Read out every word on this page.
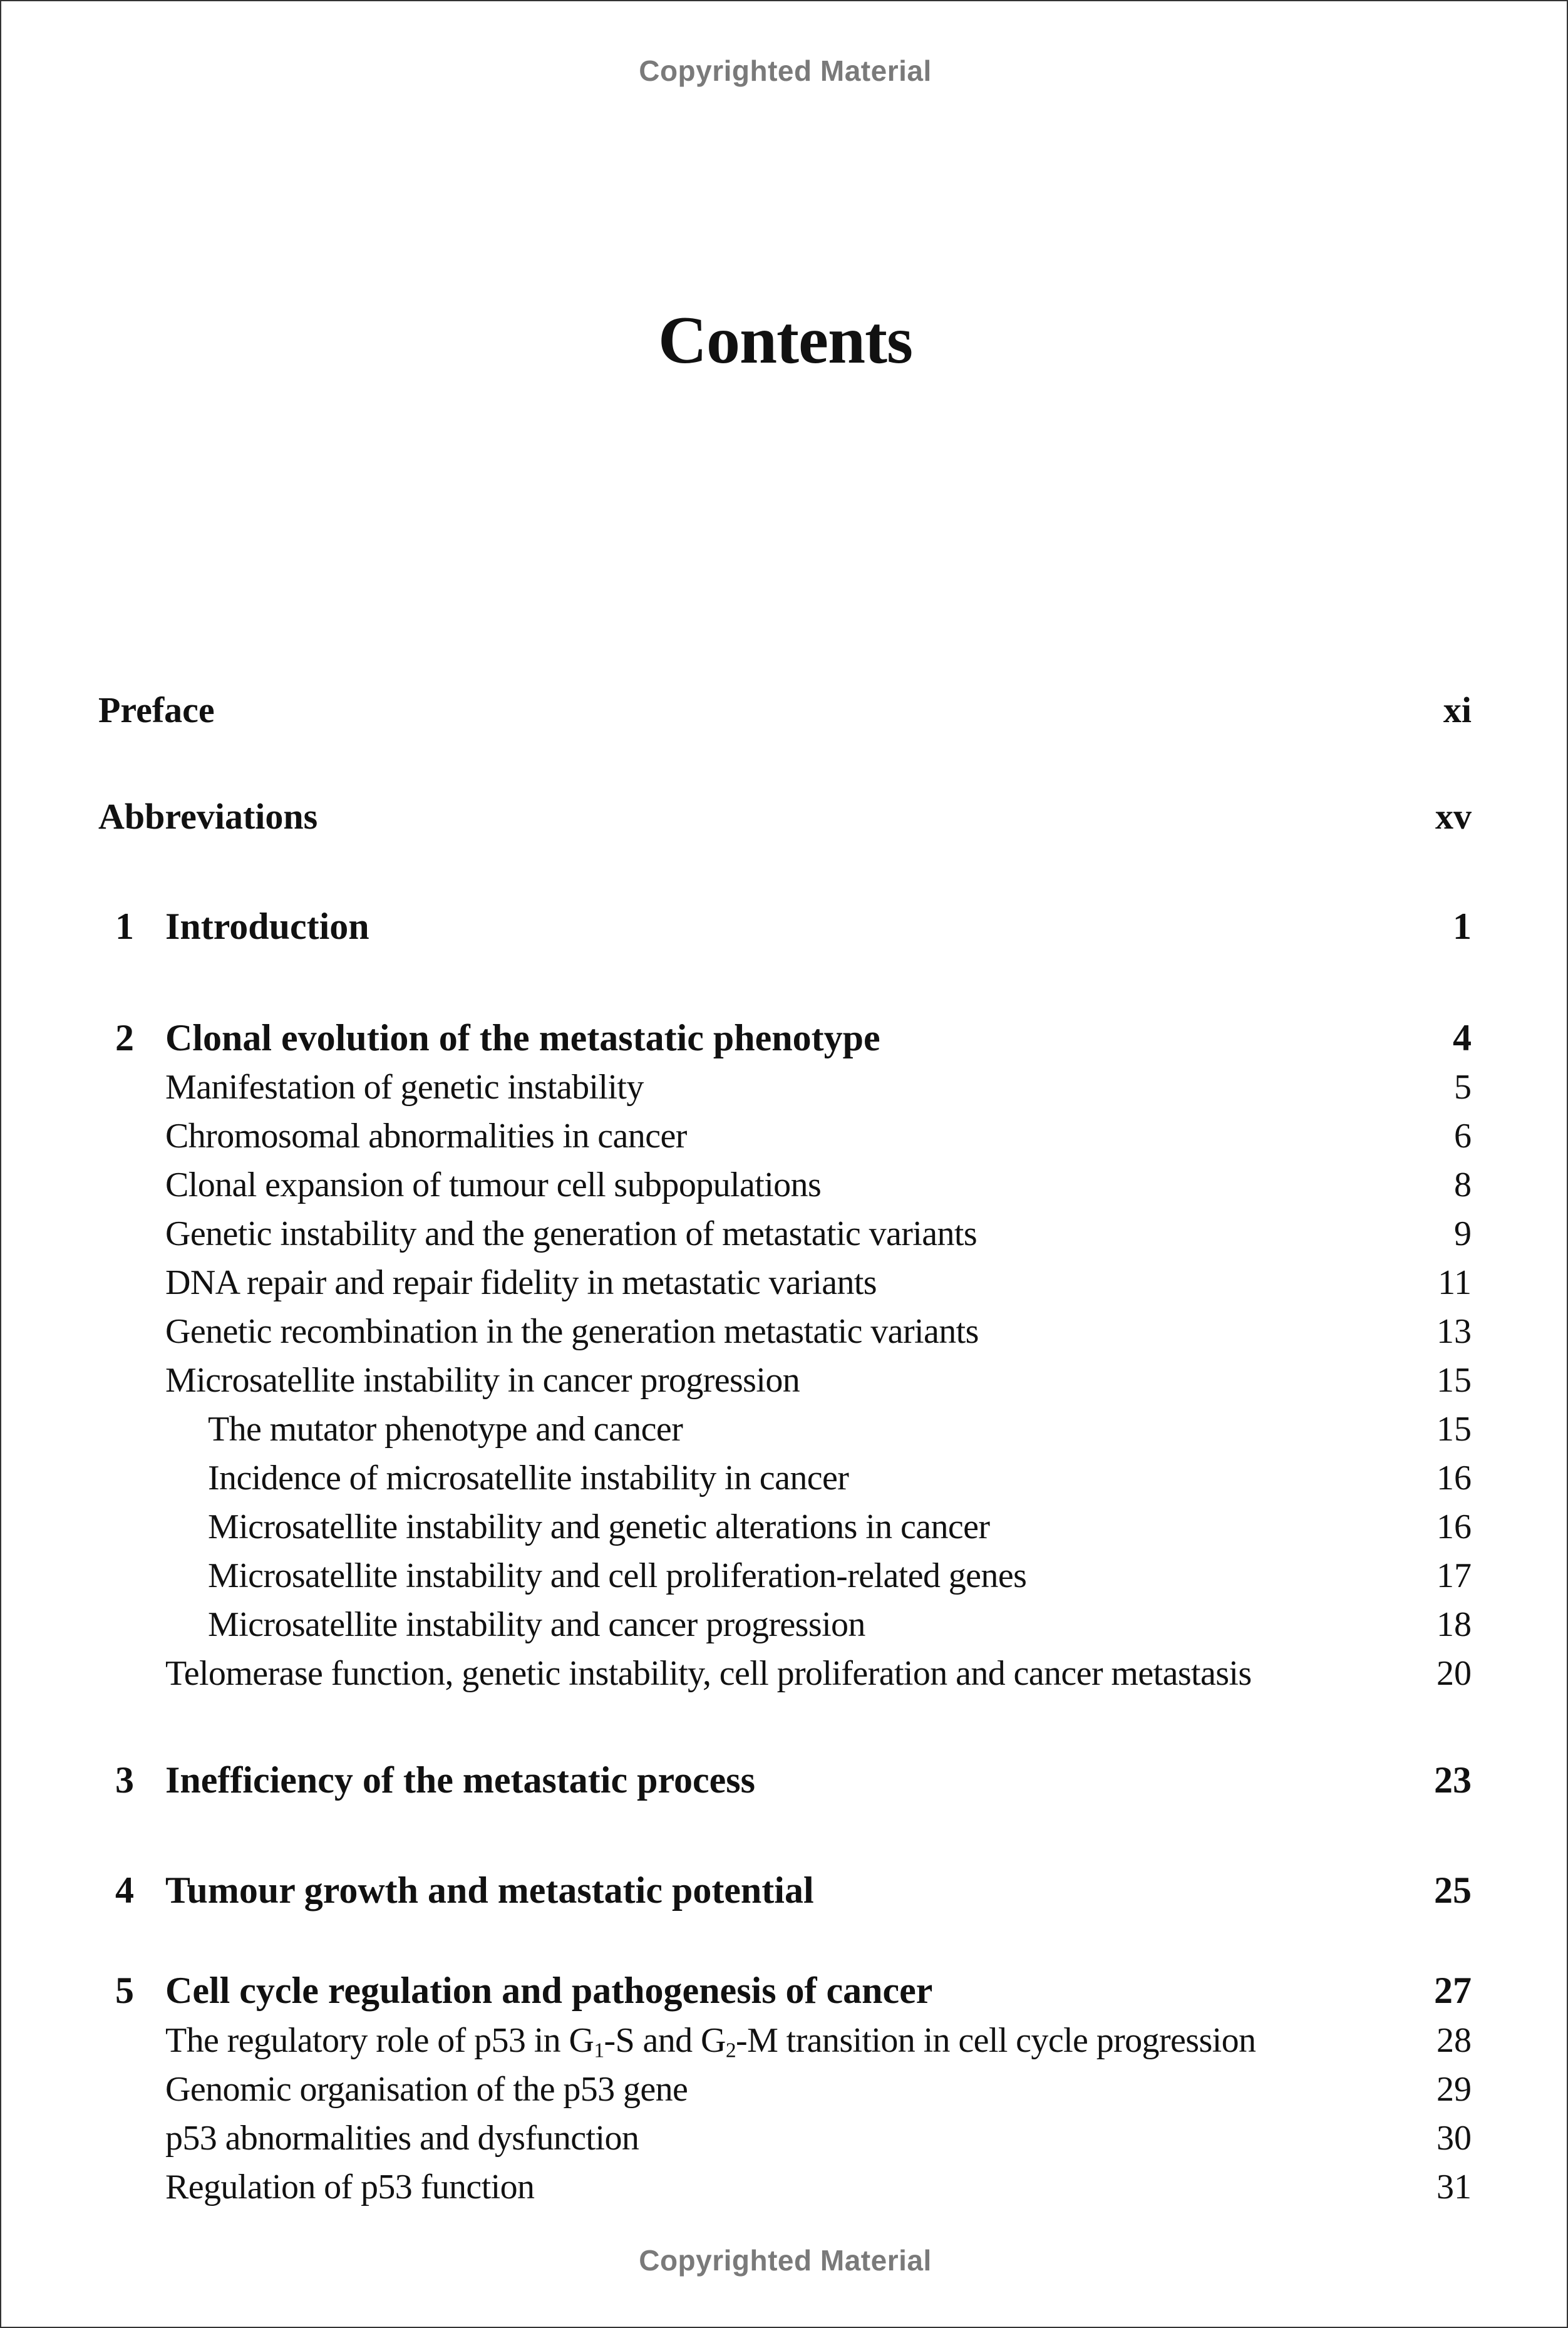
Copyrighted Material
Contents
Preface	xi
Abbreviations	xv
1 Introduction	1
2 Clonal evolution of the metastatic phenotype	4
Manifestation of genetic instability	5
Chromosomal abnormalities in cancer	6
Clonal expansion of tumour cell subpopulations	8
Genetic instability and the generation of metastatic variants	9
DNA repair and repair fidelity in metastatic variants	11
Genetic recombination in the generation metastatic variants	13
Microsatellite instability in cancer progression	15
The mutator phenotype and cancer	15
Incidence of microsatellite instability in cancer	16
Microsatellite instability and genetic alterations in cancer	16
Microsatellite instability and cell proliferation-related genes	17
Microsatellite instability and cancer progression	18
Telomerase function, genetic instability, cell proliferation and cancer metastasis	20
3 Inefficiency of the metastatic process	23
4 Tumour growth and metastatic potential	25
5 Cell cycle regulation and pathogenesis of cancer	27
The regulatory role of p53 in $G_1-S$ and $G_2-M$ transition in cell cycle progression	28
Genomic organisation of the p53 gene	29
p53 abnormalities and dysfunction	30
Regulation of p53 function	31
Copyrighted Material
